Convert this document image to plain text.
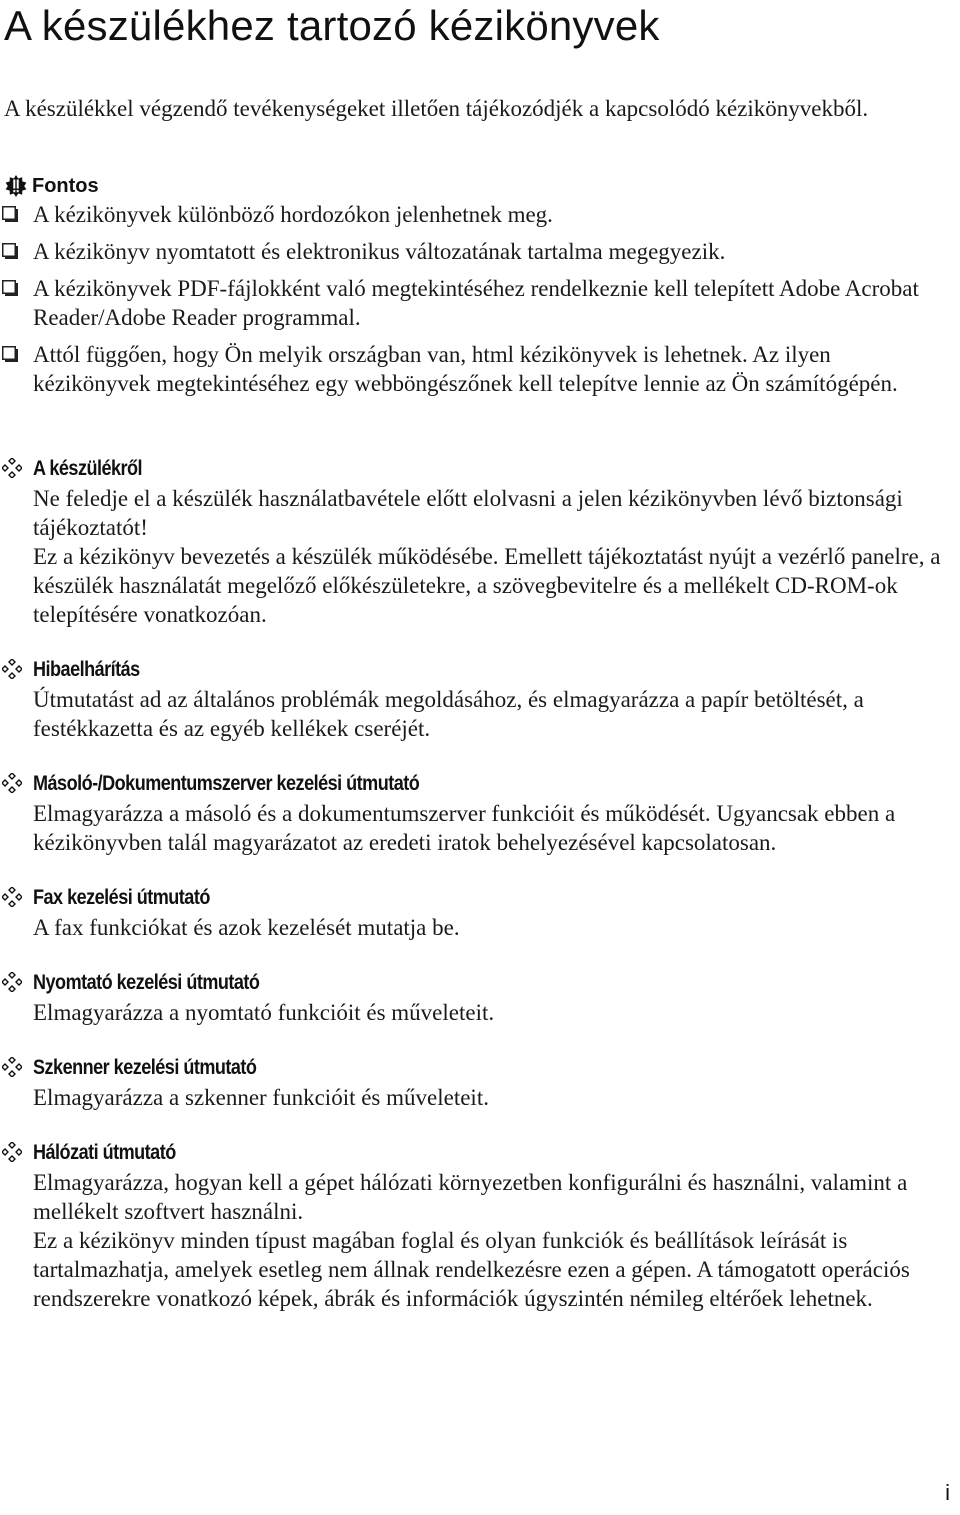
A készülékhez tartozó kézikönyvek

A készülékkel végzendő tevékenységeket illetően tájékozódjék a kapcsolódó kézikönyvekből.

Fontos
A kézikönyvek különböző hordozókon jelenhetnek meg.
A kézikönyv nyomtatott és elektronikus változatának tartalma megegyezik.
A kézikönyvek PDF-fájlokként való megtekintéséhez rendelkeznie kell telepített Adobe Acrobat Reader/Adobe Reader programmal.
Attól függően, hogy Ön melyik országban van, html kézikönyvek is lehetnek. Az ilyen kézikönyvek megtekintéséhez egy webböngészőnek kell telepítve lennie az Ön számítógépén.
A készülékről

Ne feledje el a készülék használatbavétele előtt elolvasni a jelen kézikönyvben lévő biztonsági tájékoztatót!

Ez a kézikönyv bevezetés a készülék működésébe. Emellett tájékoztatást nyújt a vezérlő panelre, a készülék használatát megelőző előkészületekre, a szövegbevitelre és a mellékelt CD-ROM-ok telepítésére vonatkozóan.

Hibaelhárítás

Útmutatást ad az általános problémák megoldásához, és elmagyarázza a papír betöltését, a festékkazetta és az egyéb kellékek cseréjét.

Másoló-/Dokumentumszerver kezelési útmutató

Elmagyarázza a másoló és a dokumentumszerver funkcióit és működését. Ugyancsak ebben a kézikönyvben talál magyarázatot az eredeti iratok behelyezésével kapcsolatosan.

Fax kezelési útmutató

A fax funkciókat és azok kezelését mutatja be.

Nyomtató kezelési útmutató

Elmagyarázza a nyomtató funkcióit és műveleteit.

Szkenner kezelési útmutató

Elmagyarázza a szkenner funkcióit és műveleteit.

Hálózati útmutató

Elmagyarázza, hogyan kell a gépet hálózati környezetben konfigurálni és használni, valamint a mellékelt szoftvert használni.

Ez a kézikönyv minden típust magában foglal és olyan funkciók és beállítások leírását is tartalmazhatja, amelyek esetleg nem állnak rendelkezésre ezen a gépen. A támogatott operációs rendszerekre vonatkozó képek, ábrák és információk úgyszintén némileg eltérőek lehetnek.

i
